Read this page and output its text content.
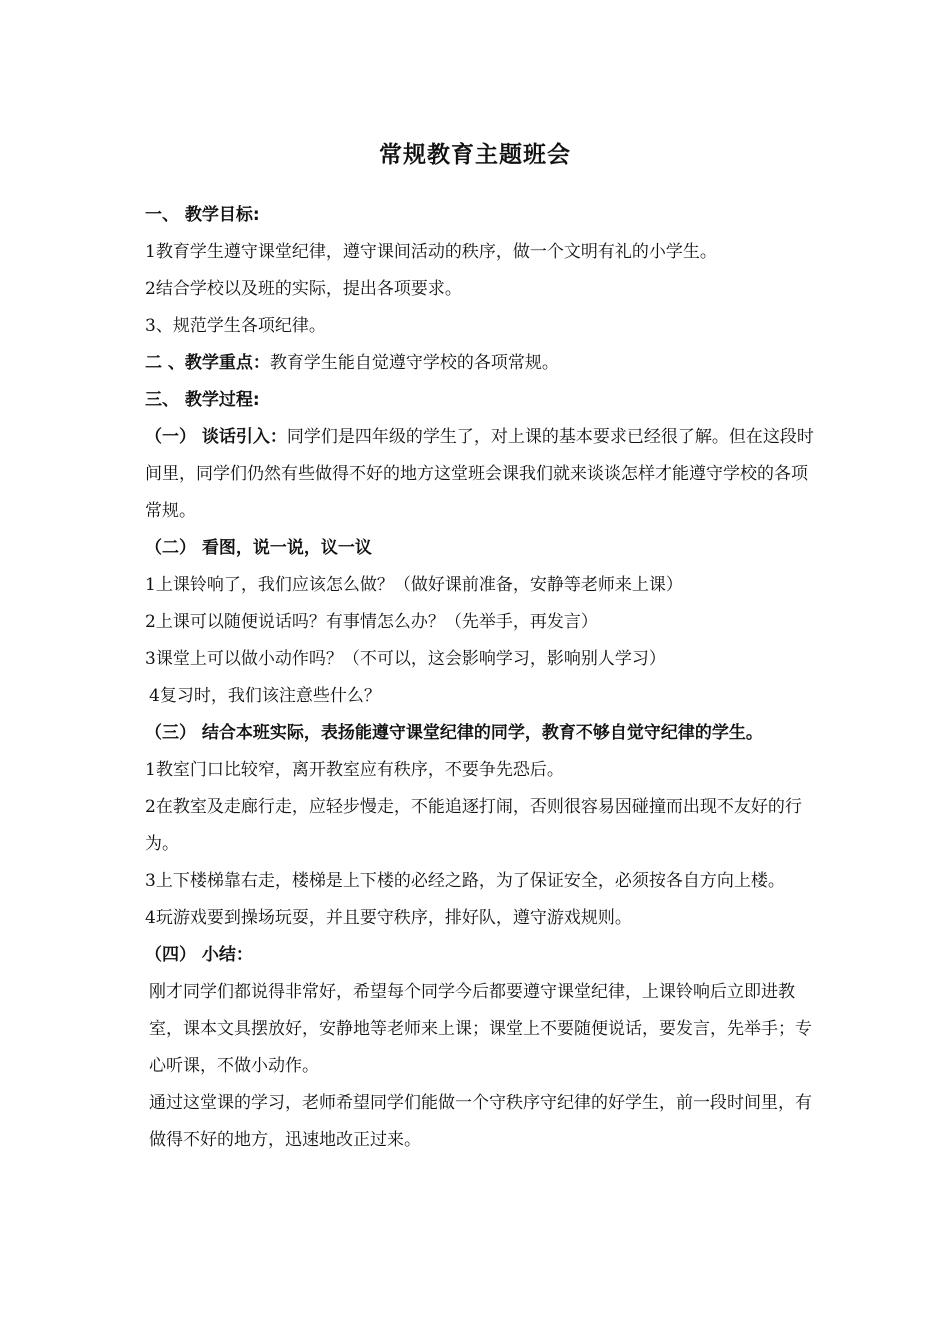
常规教育主题班会
一、 教学目标:
1教育学生遵守课堂纪律，遵守课间活动的秩序，做一个文明有礼的小学生。
2结合学校以及班的实际，提出各项要求。
3、规范学生各项纪律。
二 、教学重点：教育学生能自觉遵守学校的各项常规。
三、 教学过程:
（一） 谈话引入：同学们是四年级的学生了，对上课的基本要求已经很了解。但在这段时间里，同学们仍然有些做得不好的地方这堂班会课我们就来谈谈怎样才能遵守学校的各项常规。
（二） 看图，说一说，议一议
1上课铃响了，我们应该怎么做？（做好课前准备，安静等老师来上课）
2上课可以随便说话吗？有事情怎么办？（先举手，再发言）
3课堂上可以做小动作吗？（不可以，这会影响学习，影响别人学习）
4复习时，我们该注意些什么？
（三） 结合本班实际，表扬能遵守课堂纪律的同学，教育不够自觉守纪律的学生。
1教室门口比较窄，离开教室应有秩序，不要争先恐后。
2在教室及走廊行走，应轻步慢走，不能追逐打闹，否则很容易因碰撞而出现不友好的行为。
3上下楼梯靠右走，楼梯是上下楼的必经之路，为了保证安全，必须按各自方向上楼。
4玩游戏要到操场玩耍，并且要守秩序，排好队，遵守游戏规则。
（四） 小结：
刚才同学们都说得非常好，希望每个同学今后都要遵守课堂纪律，上课铃响后立即进教室，课本文具摆放好，安静地等老师来上课；课堂上不要随便说话，要发言，先举手；专心听课，不做小动作。
通过这堂课的学习，老师希望同学们能做一个守秩序守纪律的好学生，前一段时间里，有做得不好的地方，迅速地改正过来。
